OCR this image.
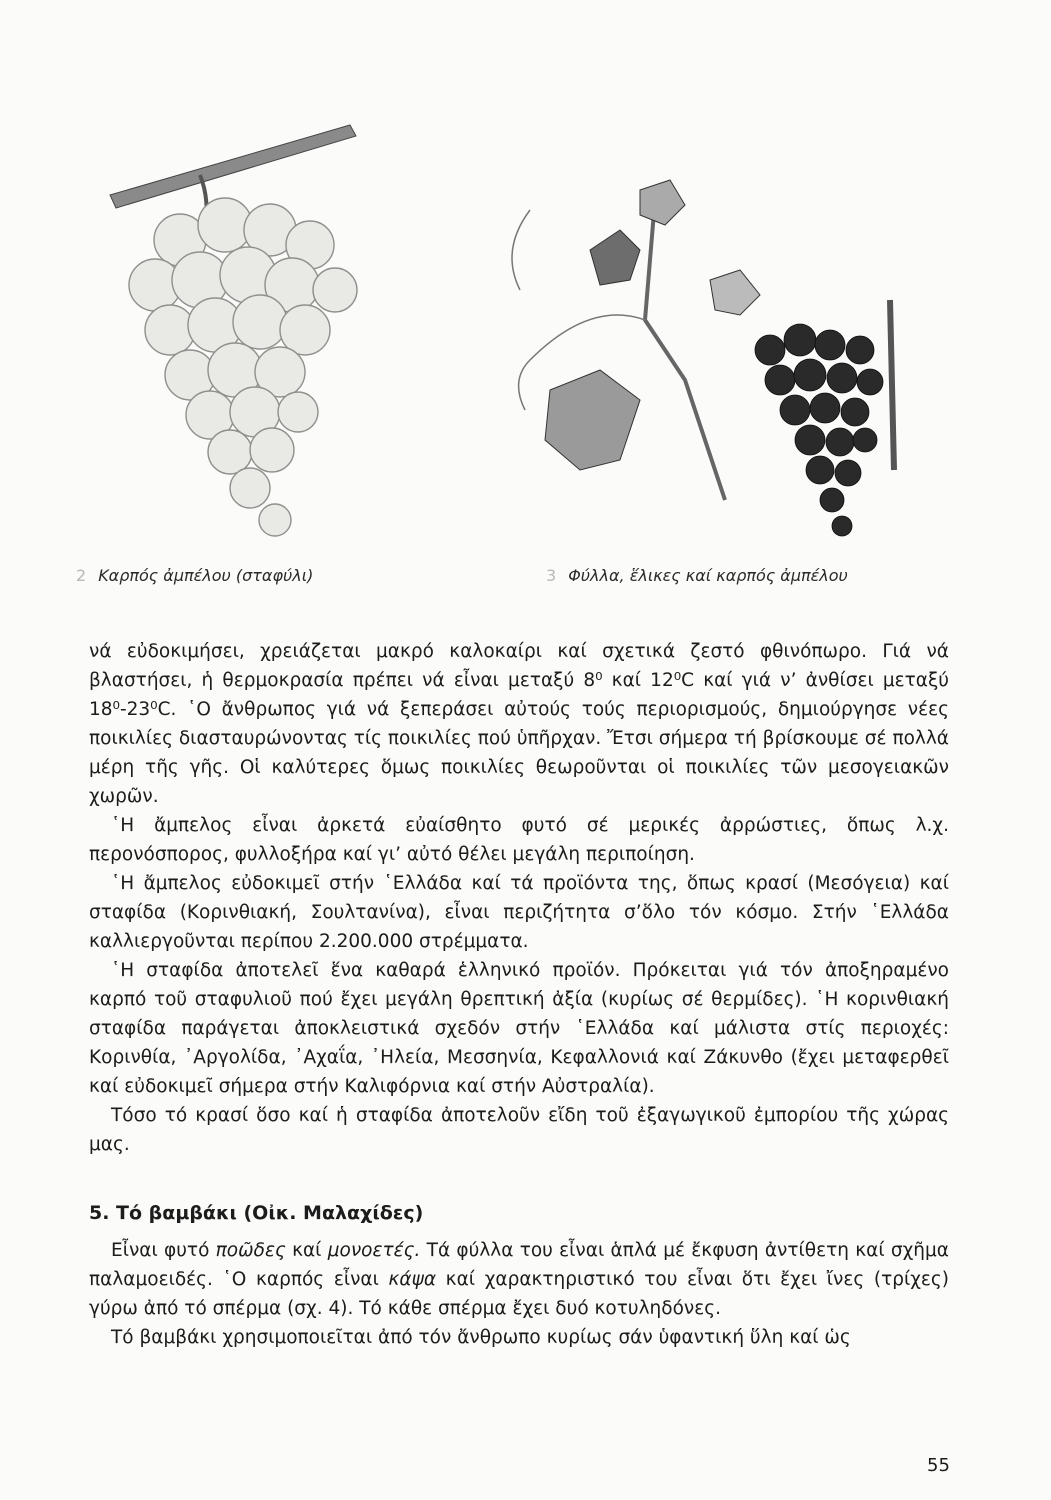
2 Καρπός ἀμπέλου (σταφύλι)	3 Φύλλα, ἕλικες καί καρπός ἀμπέλου

νά εὐδοκιμήσει, χρειάζεται μακρό καλοκαίρι καί σχετικά ζεστό φθινόπωρο. Γιά νά βλαστήσει, ἡ θερμοκρασία πρέπει νά εἶναι μεταξύ 8⁰ καί 12⁰C καί γιά ν’ ἀνθίσει μεταξύ 18⁰-23⁰C. ῾Ο ἄνθρωπος γιά νά ξεπεράσει αὐτούς τούς περιορισμούς, δημιούργησε νέες ποικιλίες διασταυρώνοντας τίς ποικιλίες πού ὑπῆρχαν. Ἔτσι σήμερα τή βρίσκουμε σέ πολλά μέρη τῆς γῆς. Οἱ καλύτερες ὅμως ποικιλίες θεωροῦνται οἱ ποικιλίες τῶν μεσογειακῶν χωρῶν.

῾Η ἄμπελος εἶναι ἀρκετά εὐαίσθητο φυτό σέ μερικές ἀρρώστιες, ὅπως λ.χ. περονόσπορος, φυλλοξήρα καί γι’ αὐτό θέλει μεγάλη περιποίηση.

῾Η ἄμπελος εὐδοκιμεῖ στήν ῾Ελλάδα καί τά προϊόντα της, ὅπως κρασί (Μεσόγεια) καί σταφίδα (Κορινθιακή, Σουλτανίνα), εἶναι περιζήτητα σ’ὅλο τόν κόσμο. Στήν ῾Ελλάδα καλλιεργοῦνται περίπου 2.200.000 στρέμματα.

῾Η σταφίδα ἀποτελεῖ ἕνα καθαρά ἑλληνικό προϊόν. Πρόκειται γιά τόν ἀποξηραμένο καρπό τοῦ σταφυλιοῦ πού ἔχει μεγάλη θρεπτική ἀξία (κυρίως σέ θερμίδες). ῾Η κορινθιακή σταφίδα παράγεται ἀποκλειστικά σχεδόν στήν ῾Ελλάδα καί μάλιστα στίς περιοχές: Κορινθία, ᾿Αργολίδα, ᾿Αχαΐα, ᾿Ηλεία, Μεσσηνία, Κεφαλλονιά καί Ζάκυνθο (ἔχει μεταφερθεῖ καί εὐδοκιμεῖ σήμερα στήν Καλιφόρνια καί στήν Αὐστραλία).

Τόσο τό κρασί ὅσο καί ἡ σταφίδα ἀποτελοῦν εἴδη τοῦ ἐξαγωγικοῦ ἐμπορίου τῆς χώρας μας.

5. Τό βαμβάκι (Οἰκ. Μαλαχίδες)

Εἶναι φυτό ποῶδες καί μονοετές. Τά φύλλα του εἶναι ἁπλά μέ ἔκφυση ἀντίθετη καί σχῆμα παλαμοειδές. ῾Ο καρπός εἶναι κάψα καί χαρακτηριστικό του εἶναι ὅτι ἔχει ἴνες (τρίχες) γύρω ἀπό τό σπέρμα (σχ. 4). Τό κάθε σπέρμα ἔχει δυό κοτυληδόνες.

Τό βαμβάκι χρησιμοποιεῖται ἀπό τόν ἄνθρωπο κυρίως σάν ὑφαντική ὕλη καί ὡς

55
